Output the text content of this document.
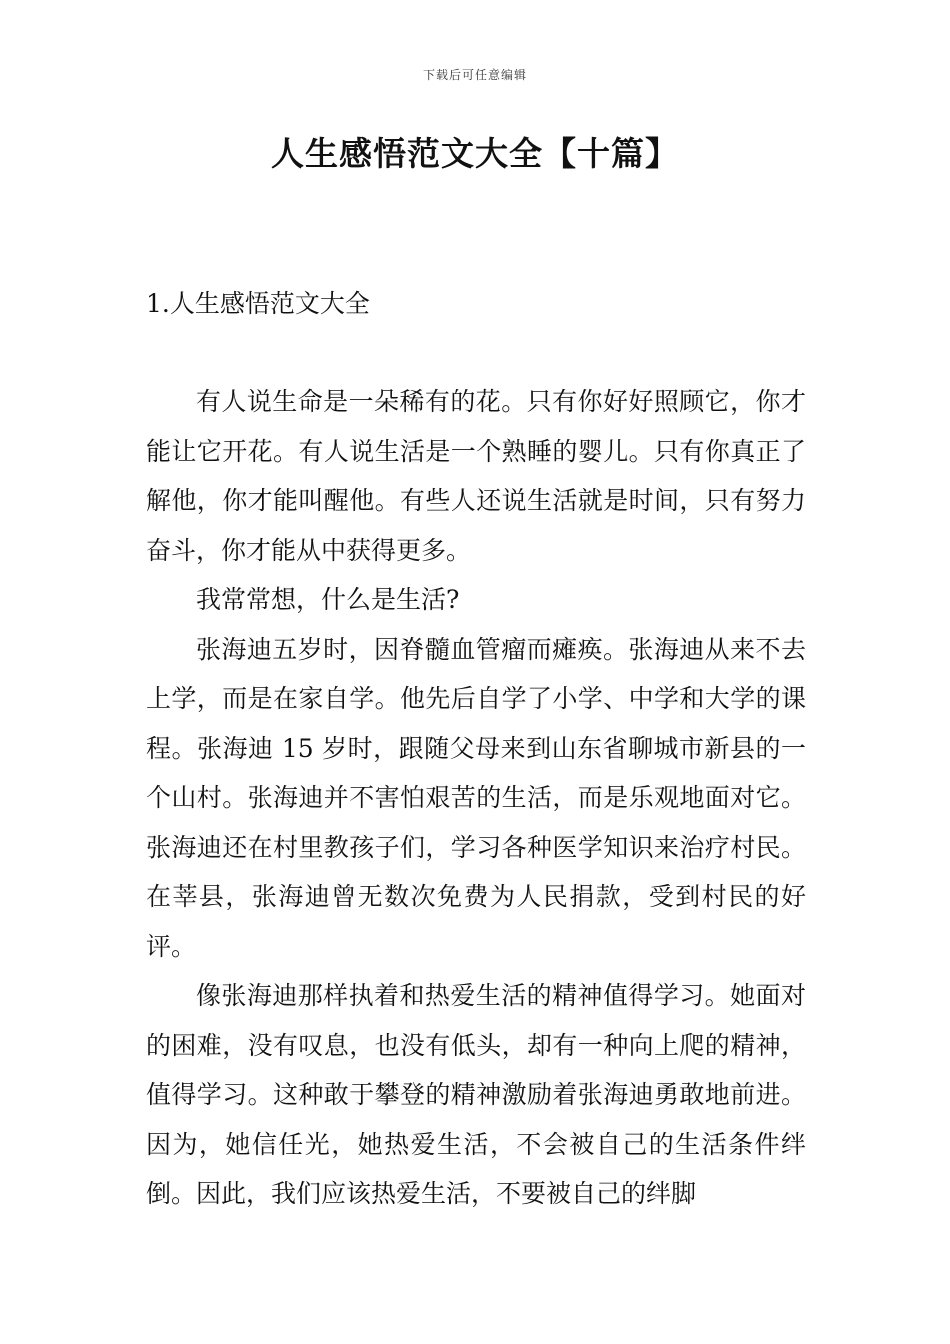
下载后可任意编辑
人生感悟范文大全【十篇】
1.人生感悟范文大全

有人说生命是一朵稀有的花。只有你好好照顾它，你才能让它开花。有人说生活是一个熟睡的婴儿。只有你真正了解他，你才能叫醒他。有些人还说生活就是时间，只有努力奋斗，你才能从中获得更多。

我常常想，什么是生活?

张海迪五岁时，因脊髓血管瘤而瘫痪。张海迪从来不去上学，而是在家自学。他先后自学了小学、中学和大学的课程。张海迪 15 岁时，跟随父母来到山东省聊城市新县的一个山村。张海迪并不害怕艰苦的生活，而是乐观地面对它。张海迪还在村里教孩子们，学习各种医学知识来治疗村民。在莘县，张海迪曾无数次免费为人民捐款，受到村民的好评。

像张海迪那样执着和热爱生活的精神值得学习。她面对的困难，没有叹息，也没有低头，却有一种向上爬的精神，值得学习。这种敢于攀登的精神激励着张海迪勇敢地前进。因为，她信任光，她热爱生活，不会被自己的生活条件绊倒。因此，我们应该热爱生活，不要被自己的绊脚
